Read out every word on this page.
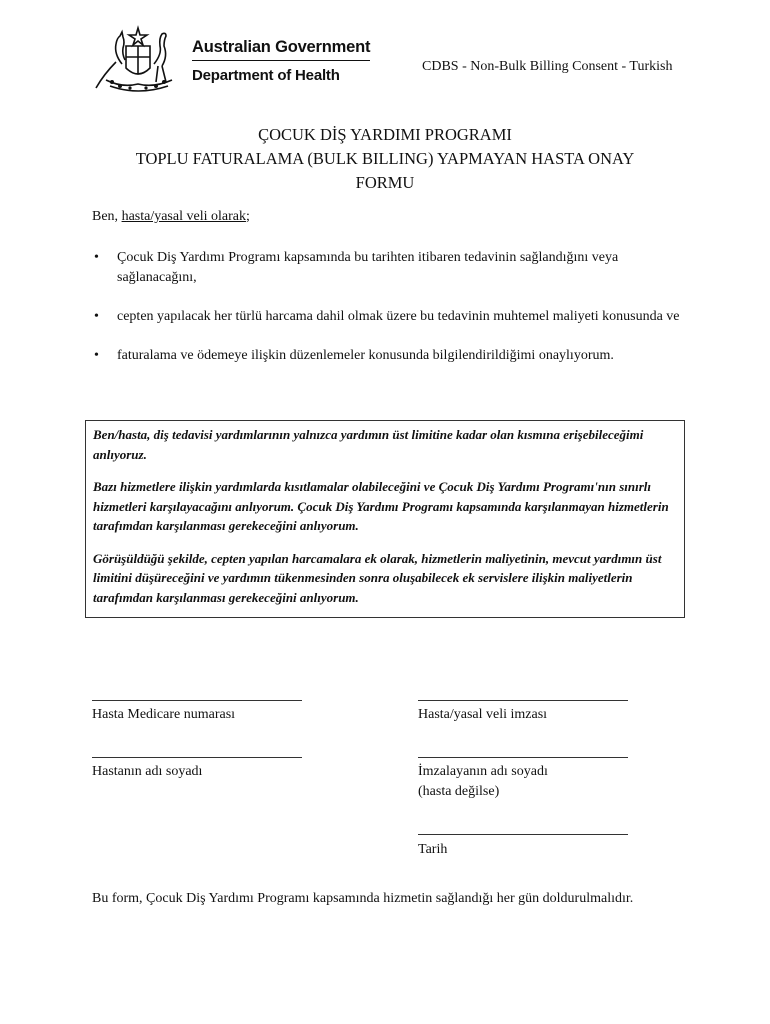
Australian Government
Department of Health
CDBS - Non-Bulk Billing Consent - Turkish
ÇOCUK DİŞ YARDIMI PROGRAMI
TOPLU FATURALAMA (BULK BILLING) YAPMAYAN HASTA ONAY
FORMU
Ben, hasta/yasal veli olarak;
• Çocuk Diş Yardımı Programı kapsamında bu tarihten itibaren tedavinin sağlandığını veya sağlanacağını,
• cepten yapılacak her türlü harcama dahil olmak üzere bu tedavinin muhtemel maliyeti konusunda ve
• faturalama ve ödemeye ilişkin düzenlemeler konusunda bilgilendirildiğimi onaylıyorum.

Ben/hasta, diş tedavisi yardımlarının yalnızca yardımın üst limitine kadar olan kısmına erişebileceğimi anlıyoruz.

Bazı hizmetlere ilişkin yardımlarda kısıtlamalar olabileceğini ve Çocuk Diş Yardımı Programı'nın sınırlı hizmetleri karşılayacağını anlıyorum. Çocuk Diş Yardımı Programı kapsamında karşılanmayan hizmetlerin tarafımdan karşılanması gerekeceğini anlıyorum.

Görüşüldüğü şekilde, cepten yapılan harcamalara ek olarak, hizmetlerin maliyetinin, mevcut yardımın üst limitini düşüreceğini ve yardımın tükenmesinden sonra oluşabilecek ek servislere ilişkin maliyetlerin tarafımdan karşılanması gerekeceğini anlıyorum.

Hasta Medicare numarası	Hasta/yasal veli imzası
Hastanın adı soyadı	İmzalayanın adı soyadı
(hasta değilse)
Tarih
Bu form, Çocuk Diş Yardımı Programı kapsamında hizmetin sağlandığı her gün doldurulmalıdır.
